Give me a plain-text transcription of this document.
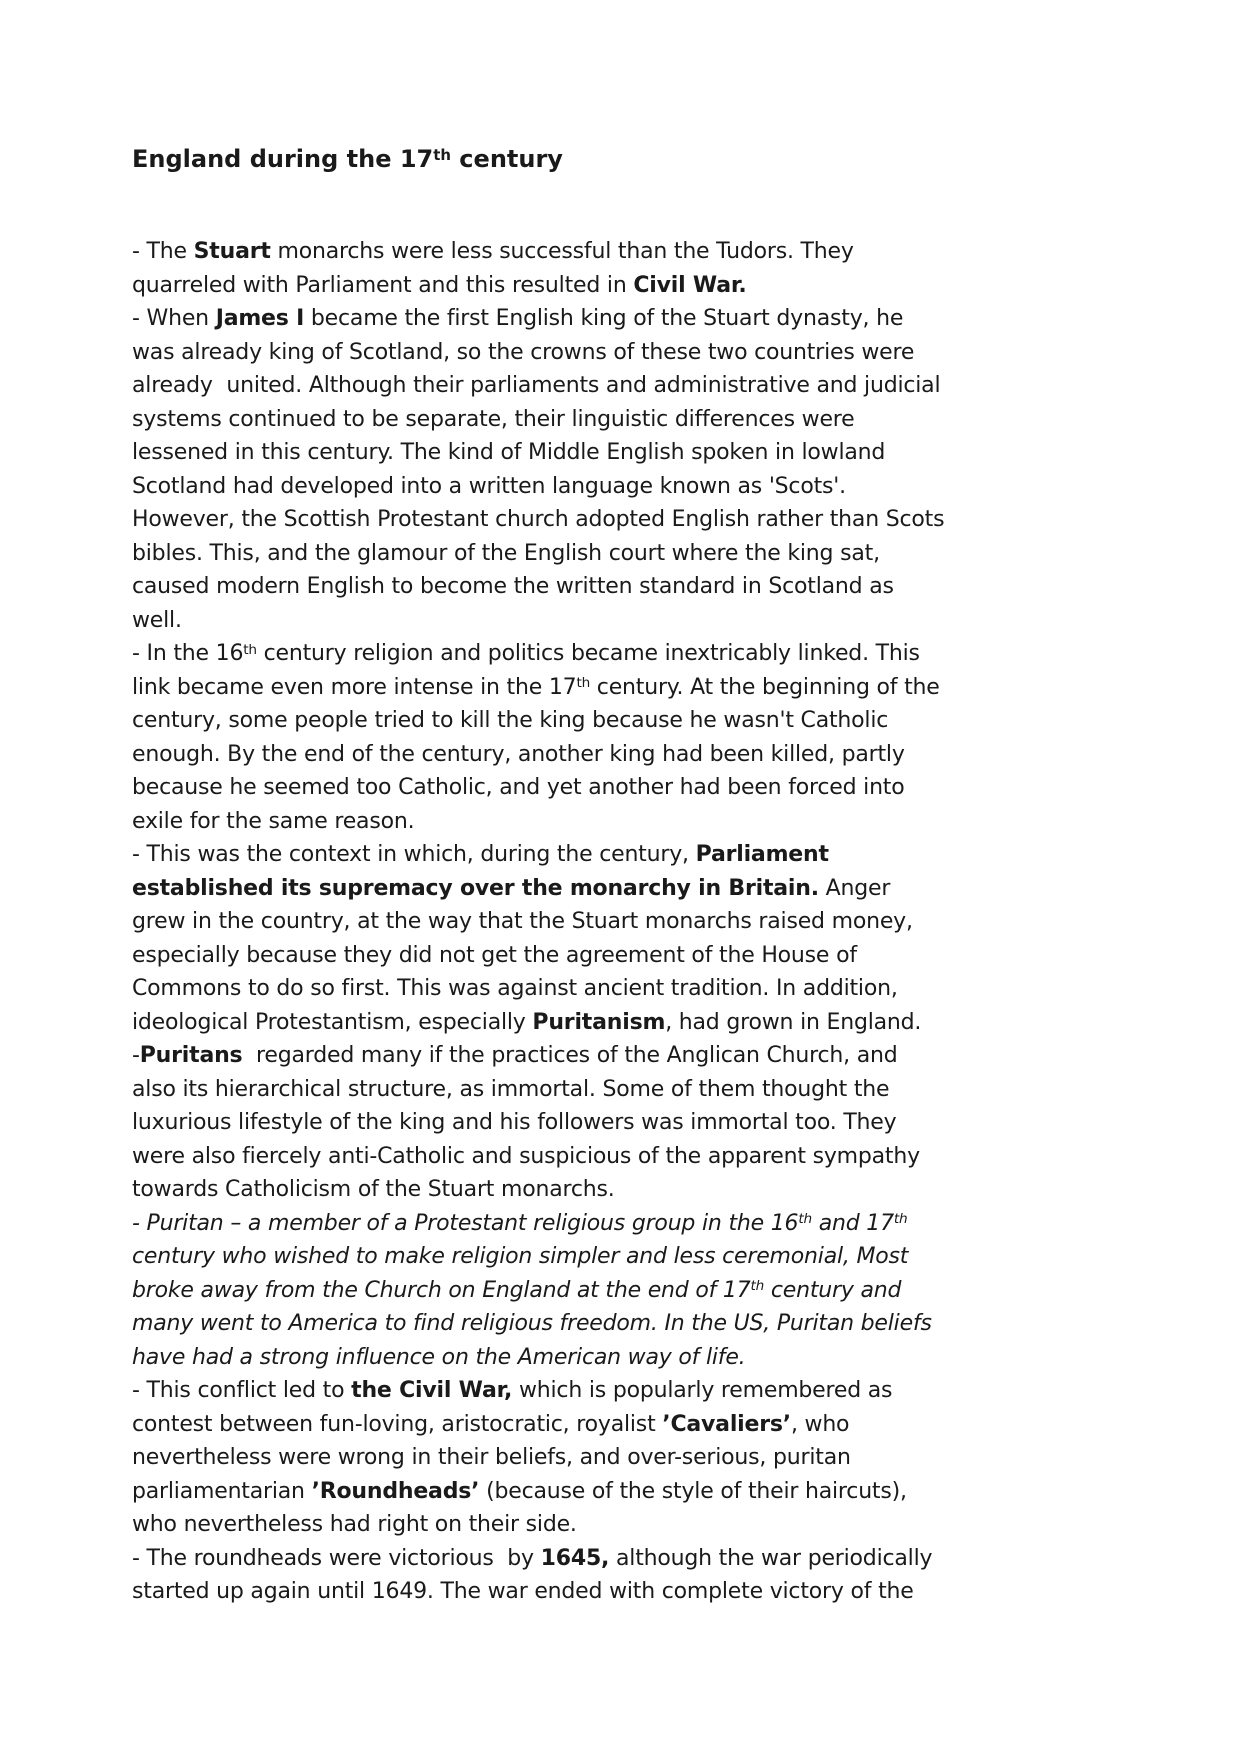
England during the 17th century
- The Stuart monarchs were less successful than the Tudors. They
quarreled with Parliament and this resulted in Civil War.
- When James I became the first English king of the Stuart dynasty, he
was already king of Scotland, so the crowns of these two countries were
already  united. Although their parliaments and administrative and judicial
systems continued to be separate, their linguistic differences were
lessened in this century. The kind of Middle English spoken in lowland
Scotland had developed into a written language known as 'Scots'.
However, the Scottish Protestant church adopted English rather than Scots
bibles. This, and the glamour of the English court where the king sat,
caused modern English to become the written standard in Scotland as
well.
- In the 16th century religion and politics became inextricably linked. This
link became even more intense in the 17th century. At the beginning of the
century, some people tried to kill the king because he wasn't Catholic
enough. By the end of the century, another king had been killed, partly
because he seemed too Catholic, and yet another had been forced into
exile for the same reason.
- This was the context in which, during the century, Parliament
established its supremacy over the monarchy in Britain. Anger
grew in the country, at the way that the Stuart monarchs raised money,
especially because they did not get the agreement of the House of
Commons to do so first. This was against ancient tradition. In addition,
ideological Protestantism, especially Puritanism, had grown in England.
-Puritans  regarded many if the practices of the Anglican Church, and
also its hierarchical structure, as immortal. Some of them thought the
luxurious lifestyle of the king and his followers was immortal too. They
were also fiercely anti-Catholic and suspicious of the apparent sympathy
towards Catholicism of the Stuart monarchs.
- Puritan – a member of a Protestant religious group in the 16th and 17th
century who wished to make religion simpler and less ceremonial, Most
broke away from the Church on England at the end of 17th century and
many went to America to find religious freedom. In the US, Puritan beliefs
have had a strong influence on the American way of life.
- This conflict led to the Civil War, which is popularly remembered as
contest between fun-loving, aristocratic, royalist ’Cavaliers’, who
nevertheless were wrong in their beliefs, and over-serious, puritan
parliamentarian ’Roundheads’ (because of the style of their haircuts),
who nevertheless had right on their side.
- The roundheads were victorious  by 1645, although the war periodically
started up again until 1649. The war ended with complete victory of the
